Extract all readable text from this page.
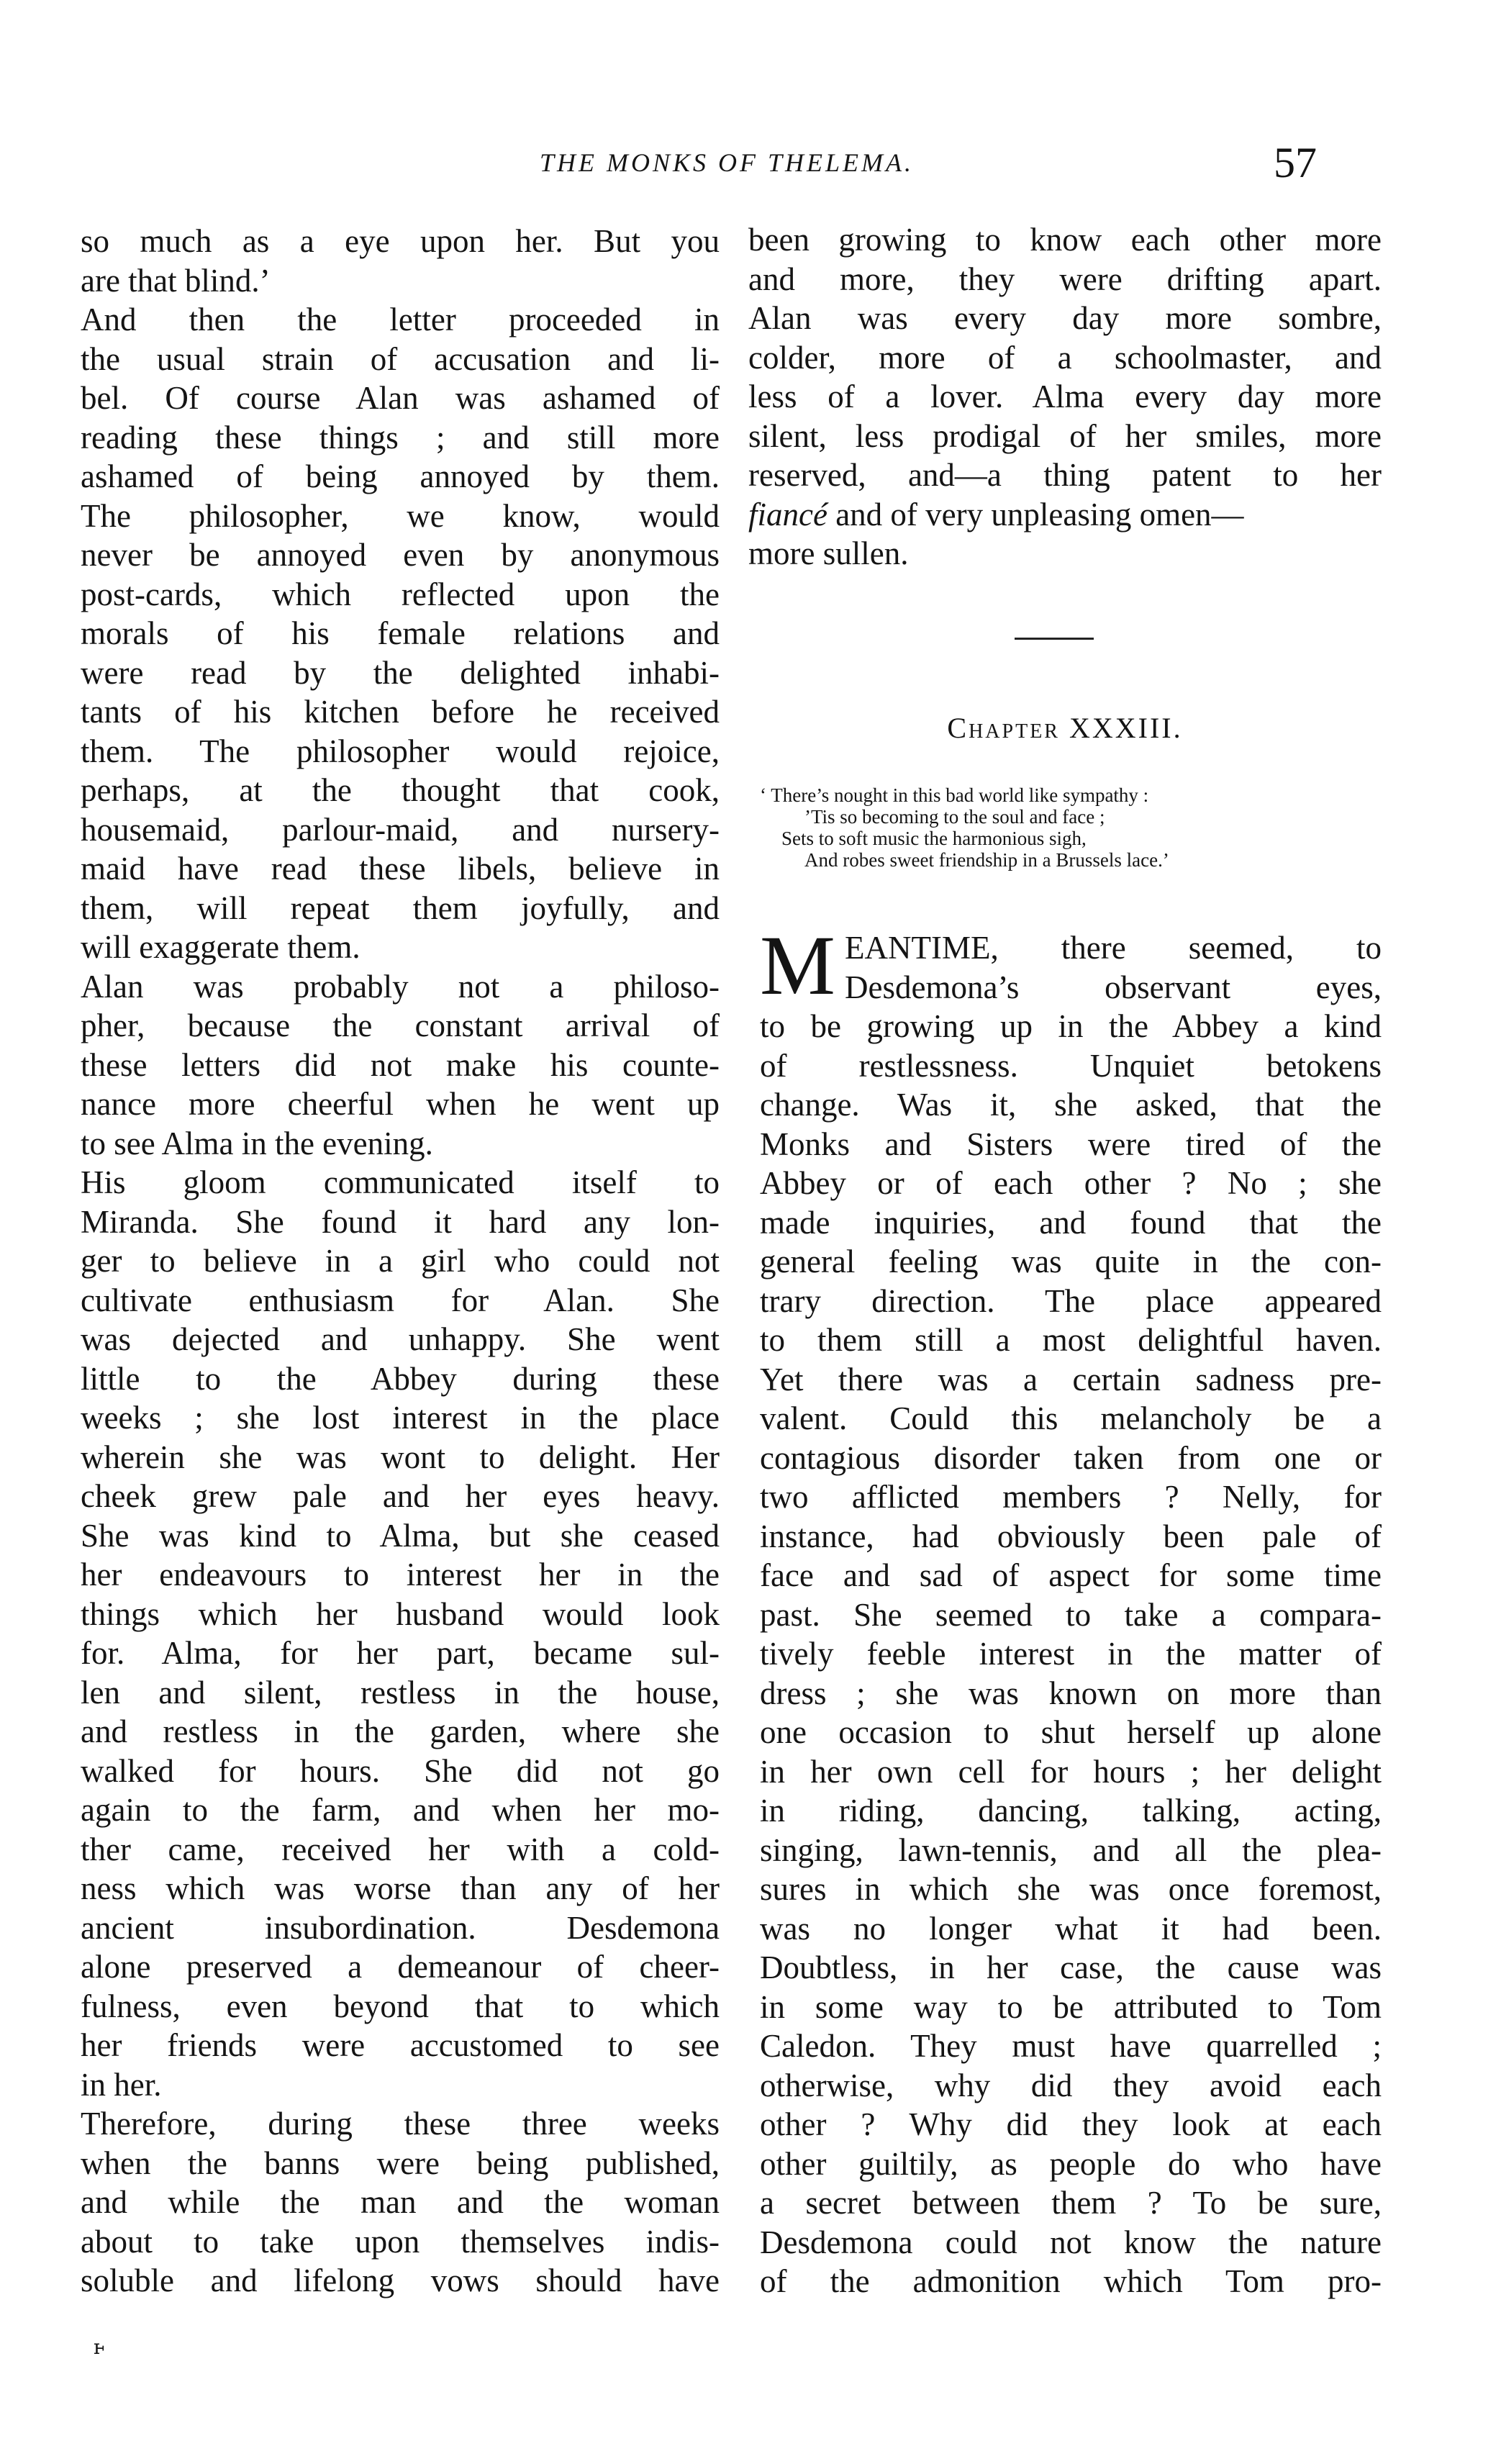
THE MONKS OF THELEMA.	57
so much as a eye upon her. But you
are that blind.’
And then the letter proceeded in
the usual strain of accusation and li-
bel. Of course Alan was ashamed of
reading these things ; and still more
ashamed of being annoyed by them.
The philosopher, we know, would
never be annoyed even by anonymous
post-cards, which reflected upon the
morals of his female relations and
were read by the delighted inhabi-
tants of his kitchen before he received
them. The philosopher would rejoice,
perhaps, at the thought that cook,
housemaid, parlour-maid, and nursery-
maid have read these libels, believe in
them, will repeat them joyfully, and
will exaggerate them.
Alan was probably not a philoso-
pher, because the constant arrival of
these letters did not make his counte-
nance more cheerful when he went up
to see Alma in the evening.
His gloom communicated itself to
Miranda. She found it hard any lon-
ger to believe in a girl who could not
cultivate enthusiasm for Alan. She
was dejected and unhappy. She went
little to the Abbey during these
weeks ; she lost interest in the place
wherein she was wont to delight. Her
cheek grew pale and her eyes heavy.
She was kind to Alma, but she ceased
her endeavours to interest her in the
things which her husband would look
for. Alma, for her part, became sul-
len and silent, restless in the house,
and restless in the garden, where she
walked for hours. She did not go
again to the farm, and when her mo-
ther came, received her with a cold-
ness which was worse than any of her
ancient insubordination. Desdemona
alone preserved a demeanour of cheer-
fulness, even beyond that to which
her friends were accustomed to see
in her.
Therefore, during these three weeks
when the banns were being published,
and while the man and the woman
about to take upon themselves indis-
soluble and lifelong vows should have
been growing to know each other more
and more, they were drifting apart.
Alan was every day more sombre,
colder, more of a schoolmaster, and
less of a lover. Alma every day more
silent, less prodigal of her smiles, more
reserved, and—a thing patent to her
fiancé and of very unpleasing omen—
more sullen.
Chapter XXXIII.
‘ There’s nought in this bad world like sympathy :
’Tis so becoming to the soul and face ;
Sets to soft music the harmonious sigh,
And robes sweet friendship in a Brussels lace.’
M EANTIME, there seemed, to
Desdemona’s observant eyes,
to be growing up in the Abbey a kind
of restlessness. Unquiet betokens
change. Was it, she asked, that the
Monks and Sisters were tired of the
Abbey or of each other ? No ; she
made inquiries, and found that the
general feeling was quite in the con-
trary direction. The place appeared
to them still a most delightful haven.
Yet there was a certain sadness pre-
valent. Could this melancholy be a
contagious disorder taken from one or
two afflicted members ? Nelly, for
instance, had obviously been pale of
face and sad of aspect for some time
past. She seemed to take a compara-
tively feeble interest in the matter of
dress ; she was known on more than
one occasion to shut herself up alone
in her own cell for hours ; her delight
in riding, dancing, talking, acting,
singing, lawn-tennis, and all the plea-
sures in which she was once foremost,
was no longer what it had been.
Doubtless, in her case, the cause was
in some way to be attributed to Tom
Caledon. They must have quarrelled ;
otherwise, why did they avoid each
other ? Why did they look at each
other guiltily, as people do who have
a secret between them ? To be sure,
Desdemona could not know the nature
of the admonition which Tom pro-
ⱶ
